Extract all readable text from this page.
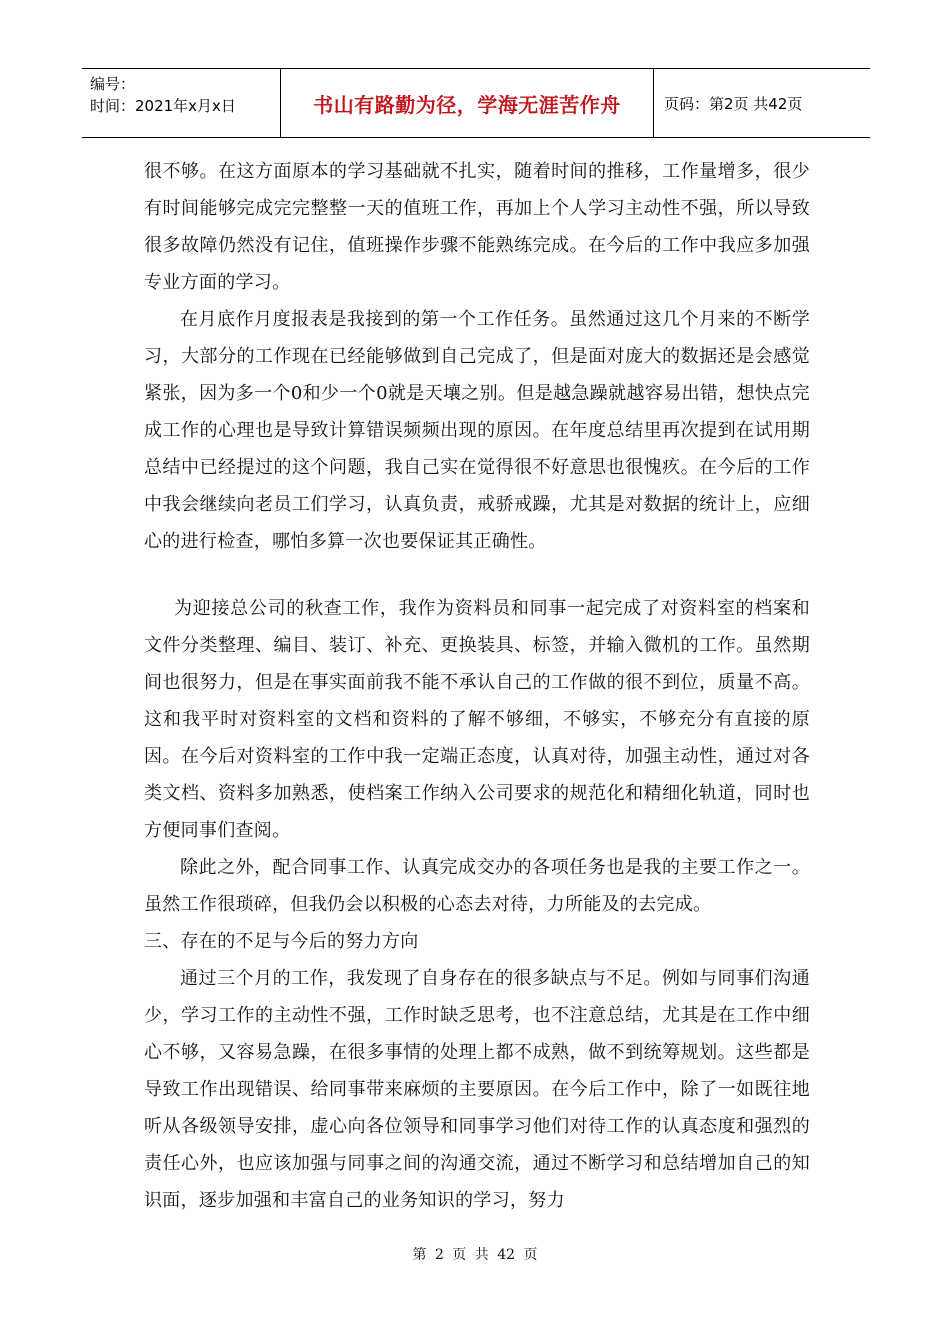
编号：
时间：2021年x月x日	书山有路勤为径，学海无涯苦作舟	页码：第2页 共42页

很不够。在这方面原本的学习基础就不扎实，随着时间的推移，工作量增多，很少有时间能够完成完完整整一天的值班工作，再加上个人学习主动性不强，所以导致很多故障仍然没有记住，值班操作步骤不能熟练完成。在今后的工作中我应多加强专业方面的学习。

在月底作月度报表是我接到的第一个工作任务。虽然通过这几个月来的不断学习，大部分的工作现在已经能够做到自己完成了，但是面对庞大的数据还是会感觉紧张，因为多一个0和少一个0就是天壤之别。但是越急躁就越容易出错，想快点完成工作的心理也是导致计算错误频频出现的原因。在年度总结里再次提到在试用期总结中已经提过的这个问题，我自己实在觉得很不好意思也很愧疚。在今后的工作中我会继续向老员工们学习，认真负责，戒骄戒躁，尤其是对数据的统计上，应细心的进行检查，哪怕多算一次也要保证其正确性。

为迎接总公司的秋查工作，我作为资料员和同事一起完成了对资料室的档案和文件分类整理、编目、装订、补充、更换装具、标签，并输入微机的工作。虽然期间也很努力，但是在事实面前我不能不承认自己的工作做的很不到位，质量不高。这和我平时对资料室的文档和资料的了解不够细，不够实，不够充分有直接的原因。在今后对资料室的工作中我一定端正态度，认真对待，加强主动性，通过对各类文档、资料多加熟悉，使档案工作纳入公司要求的规范化和精细化轨道，同时也方便同事们查阅。

除此之外，配合同事工作、认真完成交办的各项任务也是我的主要工作之一。虽然工作很琐碎，但我仍会以积极的心态去对待，力所能及的去完成。

三、存在的不足与今后的努力方向

通过三个月的工作，我发现了自身存在的很多缺点与不足。例如与同事们沟通少，学习工作的主动性不强，工作时缺乏思考，也不注意总结，尤其是在工作中细心不够，又容易急躁，在很多事情的处理上都不成熟，做不到统筹规划。这些都是导致工作出现错误、给同事带来麻烦的主要原因。在今后工作中，除了一如既往地听从各级领导安排，虚心向各位领导和同事学习他们对待工作的认真态度和强烈的责任心外，也应该加强与同事之间的沟通交流，通过不断学习和总结增加自己的知识面，逐步加强和丰富自己的业务知识的学习，努力

第 2 页 共 42 页
